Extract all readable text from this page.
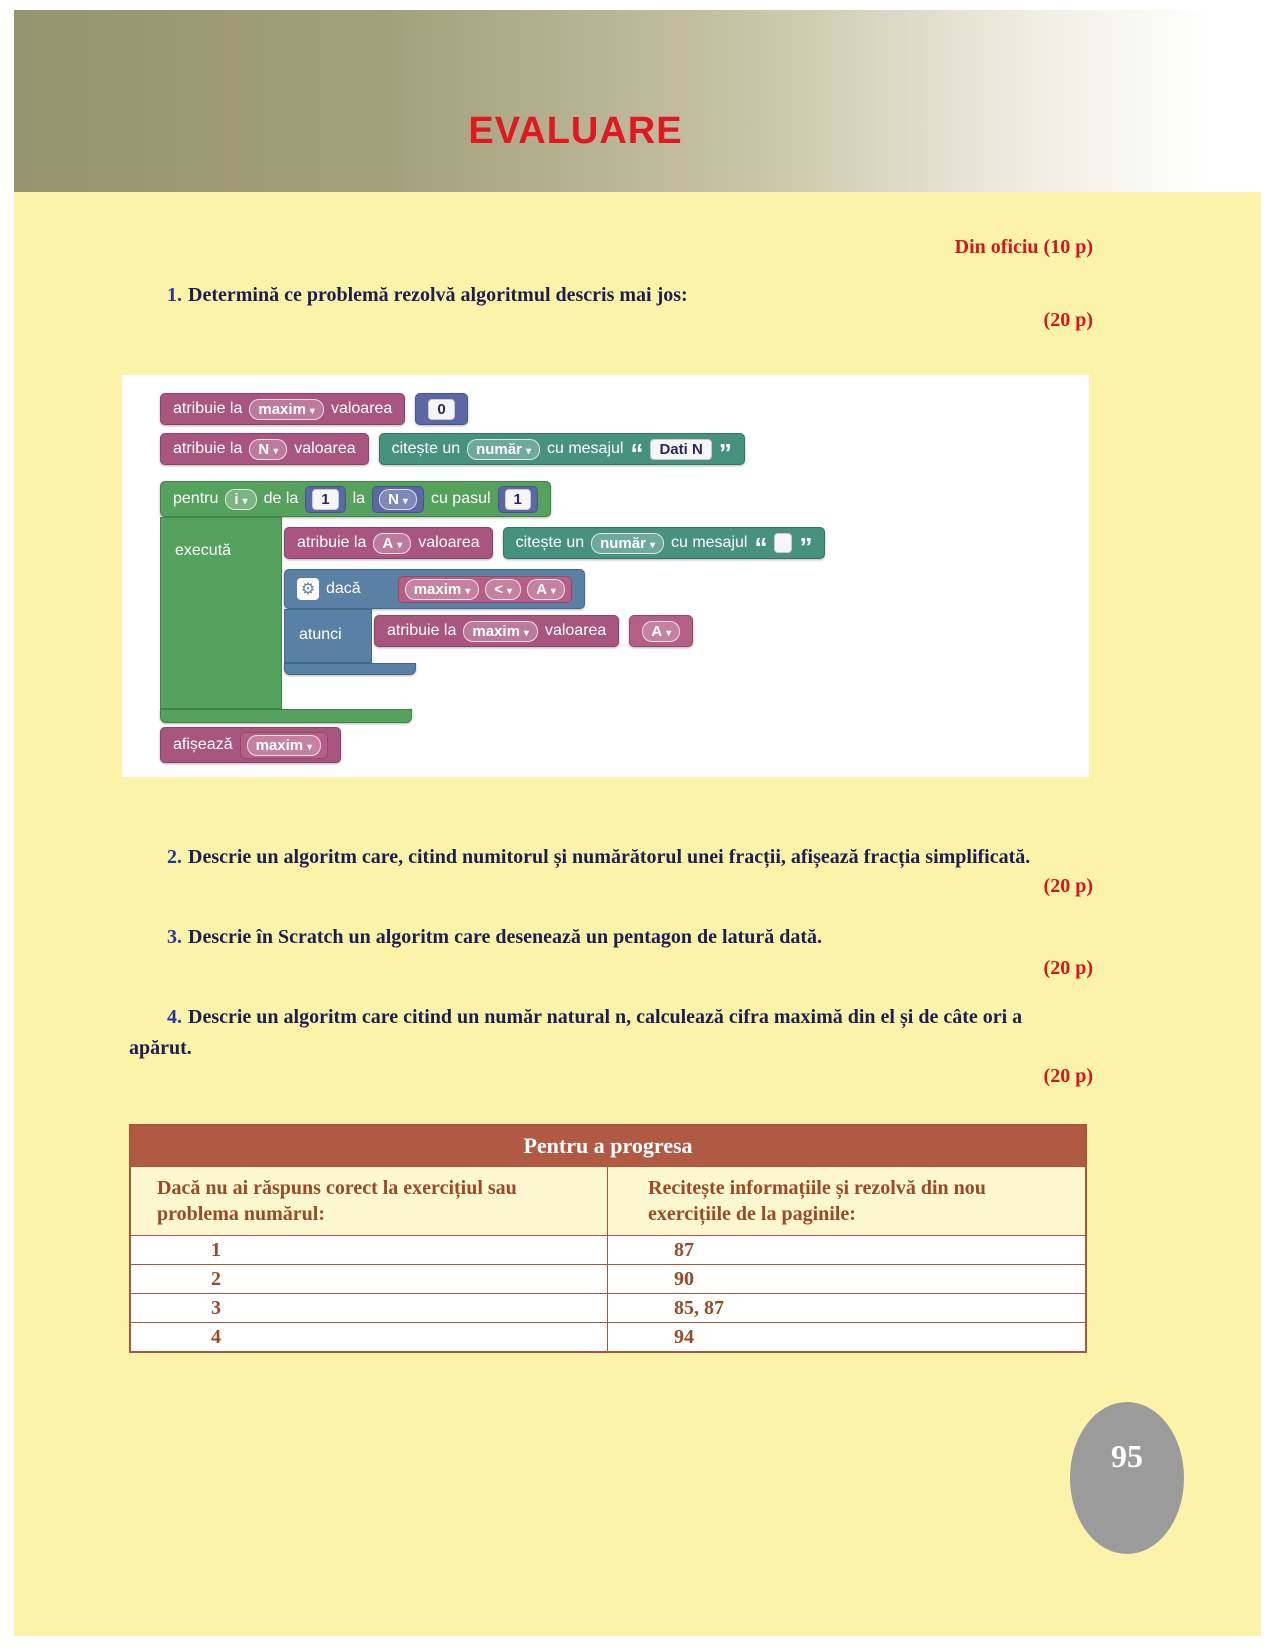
EVALUARE
Din oficiu (10 p)

1. Determină ce problemă rezolvă algoritmul descris mai jos:

(20 p)
atribuie la maxim ▾ valoarea	0
atribuie la N ▾ valoarea citește un număr ▾ cu mesajul “	Dati N ”
pentru i ▾ de la	1	la N ▾ cu pasul	1
execută	atribuie la A ▾ valoarea citește un număr ▾ cu mesajul “ ”
⚙
dacă	maxim ▾ < ▾ A
▾
atunci	atribuie la maxim ▾ valoarea	A
▾
afișează maxim
▾

2. Descrie un algoritm care, citind numitorul și numărătorul unei fracții, afișează fracția simplificată.

(20 p)

3. Descrie în Scratch un algoritm care desenează un pentagon de latură dată.

(20 p)

4. Descrie un algoritm care citind un număr natural n, calculează cifra maximă din el și de câte ori a apărut.

(20 p)
Pentru a progresa
Dacă nu ai răspuns corect la exercițiul sau problema numărul:
Recitește informațiile și rezolvă din nou exercițiile de la paginile:
1	87
2	90
3	85, 87
4	94
95
